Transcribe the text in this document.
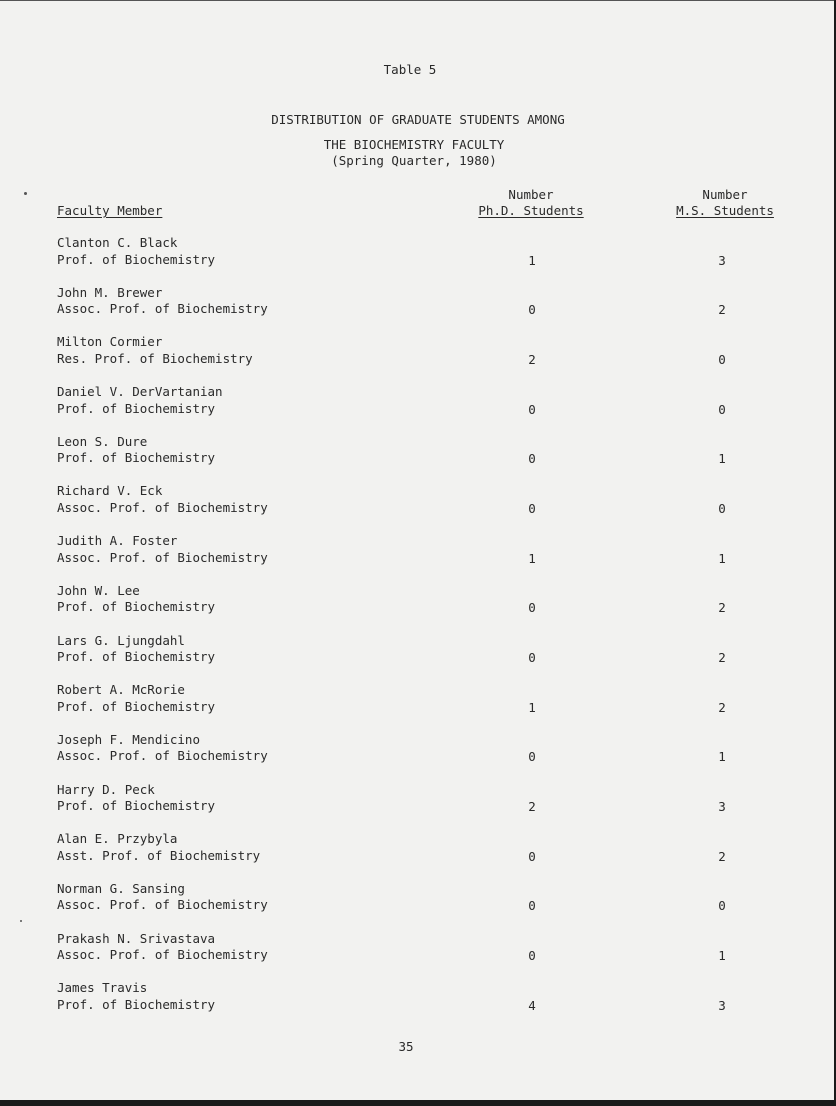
Table 5
DISTRIBUTION OF GRADUATE STUDENTS AMONG
THE BIOCHEMISTRY FACULTY
(Spring Quarter, 1980)
Faculty Member
Number
Ph.D. Students
Number
M.S. Students
Clanton C. Black
Prof. of Biochemistry	1	3
John M. Brewer
Assoc. Prof. of Biochemistry	0	2
Milton Cormier
Res. Prof. of Biochemistry	2	0
Daniel V. DerVartanian
Prof. of Biochemistry	0	0
Leon S. Dure
Prof. of Biochemistry	0	1
Richard V. Eck
Assoc. Prof. of Biochemistry	0	0
Judith A. Foster
Assoc. Prof. of Biochemistry	1	1
John W. Lee
Prof. of Biochemistry	0	2
Lars G. Ljungdahl
Prof. of Biochemistry	0	2
Robert A. McRorie
Prof. of Biochemistry	1	2
Joseph F. Mendicino
Assoc. Prof. of Biochemistry	0	1
Harry D. Peck
Prof. of Biochemistry	2	3
Alan E. Przybyla
Asst. Prof. of Biochemistry	0	2
Norman G. Sansing
Assoc. Prof. of Biochemistry	0	0
Prakash N. Srivastava
Assoc. Prof. of Biochemistry	0	1
James Travis
Prof. of Biochemistry	4	3
35
